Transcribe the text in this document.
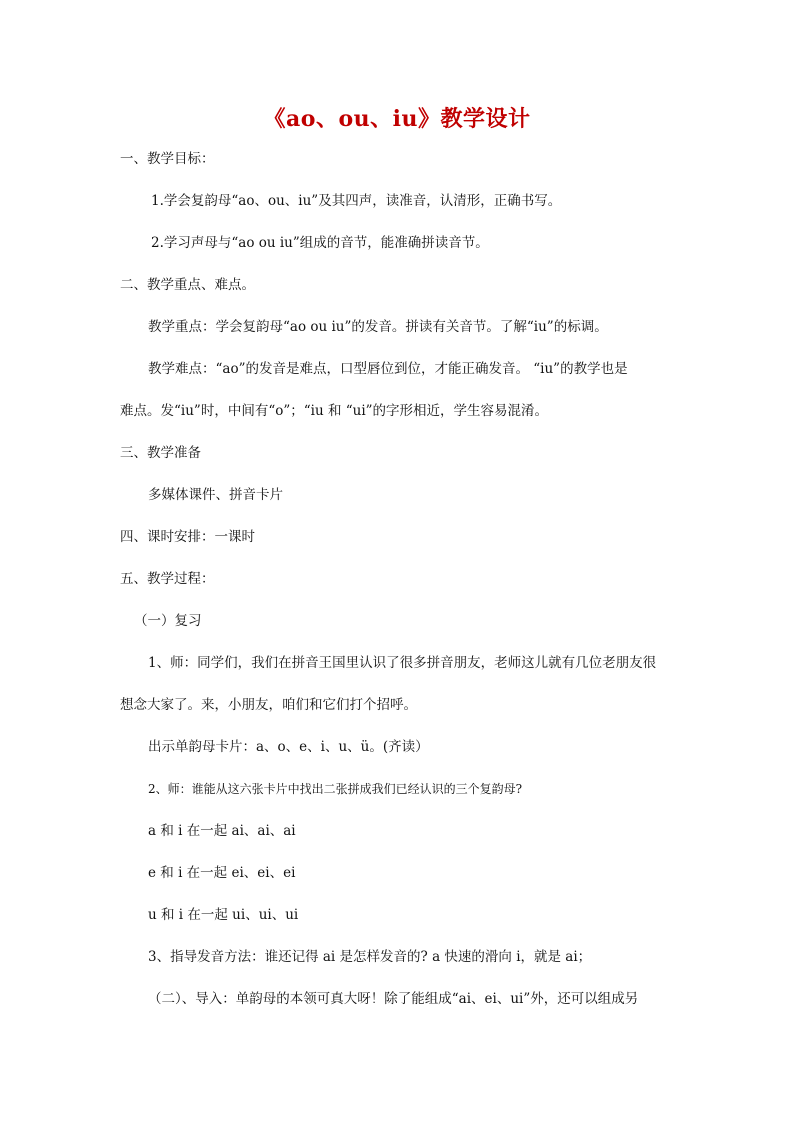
《ao、ou、iu》教学设计
一、教学目标：
1.学会复韵母“ao、ou、iu”及其四声，读准音，认清形，正确书写。
2.学习声母与“ao ou iu”组成的音节，能准确拼读音节。
二、教学重点、难点。
教学重点：学会复韵母“ao ou iu”的发音。拼读有关音节。了解“iu”的标调。
教学难点：“ao”的发音是难点，口型唇位到位，才能正确发音。 “iu”的教学也是
难点。发“iu”时，中间有“o”；“iu 和 “ui”的字形相近，学生容易混淆。
三、教学准备
多媒体课件、拼音卡片
四、课时安排：一课时
五、教学过程：
（一）复习
1、师：同学们，我们在拼音王国里认识了很多拼音朋友，老师这儿就有几位老朋友很
想念大家了。来，小朋友，咱们和它们打个招呼。
出示单韵母卡片：a、o、e、i、u、ü。(齐读）
2、师：谁能从这六张卡片中找出二张拼成我们已经认识的三个复韵母?
a 和 i 在一起 ai、ai、ai
e 和 i 在一起 ei、ei、ei
u 和 i 在一起 ui、ui、ui
3、指导发音方法：谁还记得 ai 是怎样发音的? a 快速的滑向 i，就是 ai；
（二）、导入：单韵母的本领可真大呀！除了能组成“ai、ei、ui”外，还可以组成另
